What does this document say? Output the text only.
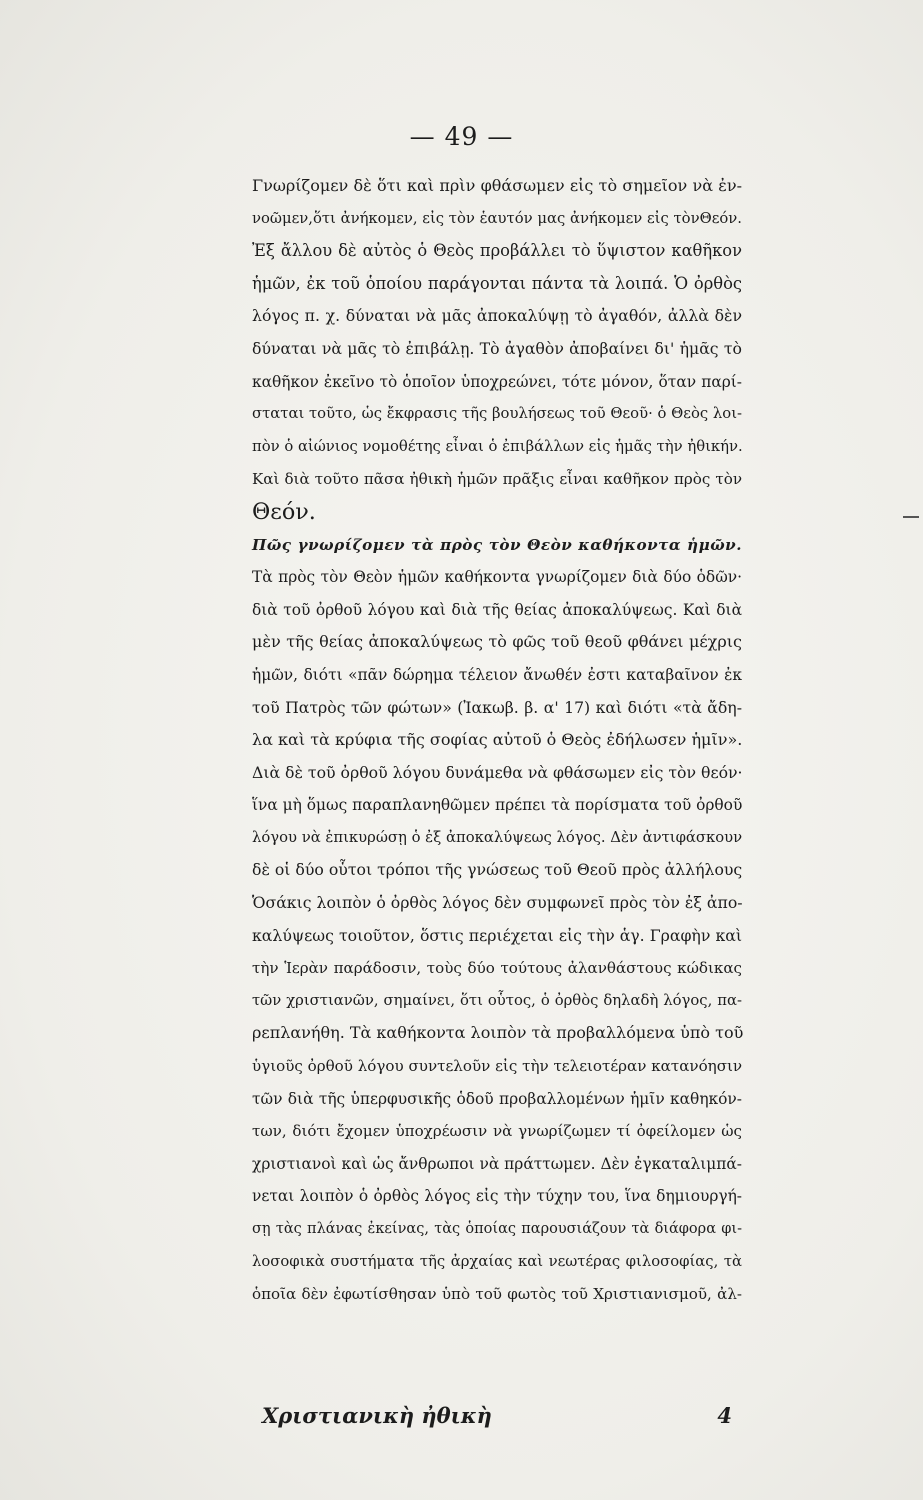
— 49 —
Γνωρίζομεν δὲ ὅτι καὶ πρὶν φθάσωμεν εἰς τὸ σημεῖον νὰ ἐν-
νοῶμεν,ὅτι ἀνήκομεν, εἰς τὸν ἑαυτόν μας ἀνήκομεν εἰς τὸνΘεόν.
Ἐξ ἄλλου δὲ αὐτὸς ὁ Θεὸς προβάλλει τὸ ὕψιστον καθῆκον
ἡμῶν, ἐκ τοῦ ὁποίου παράγονται πάντα τὰ λοιπά. Ὁ ὀρθὸς
λόγος π. χ. δύναται νὰ μᾶς ἀποκαλύψῃ τὸ ἀγαθόν, ἀλλὰ δὲν
δύναται νὰ μᾶς τὸ ἐπιβάλῃ. Τὸ ἀγαθὸν ἀποβαίνει δι' ἡμᾶς τὸ
καθῆκον ἐκεῖνο τὸ ὁποῖον ὑποχρεώνει, τότε μόνον, ὅταν παρί-
σταται τοῦτο, ὡς ἔκφρασις τῆς βουλήσεως τοῦ Θεοῦ· ὁ Θεὸς λοι-
πὸν ὁ αἰώνιος νομοθέτης εἶναι ὁ ἐπιβάλλων εἰς ἡμᾶς τὴν ἠθικήν.
Καὶ διὰ τοῦτο πᾶσα ἠθικὴ ἡμῶν πρᾶξις εἶναι καθῆκον πρὸς τὸν
Θεόν.
Πῶς γνωρίζομεν τὰ πρὸς τὸν Θεὸν καθήκοντα ἡμῶν.
Τὰ πρὸς τὸν Θεὸν ἡμῶν καθήκοντα γνωρίζομεν διὰ δύο ὁδῶν·
διὰ τοῦ ὀρθοῦ λόγου καὶ διὰ τῆς θείας ἀποκαλύψεως. Καὶ διὰ
μὲν τῆς θείας ἀποκαλύψεως τὸ φῶς τοῦ θεοῦ φθάνει μέχρις
ἡμῶν, διότι «πᾶν δώρημα τέλειον ἄνωθέν ἐστι καταβαῖνον ἐκ
τοῦ Πατρὸς τῶν φώτων» (Ἰακωβ. β. α' 17) καὶ διότι «τὰ ἄδη-
λα καὶ τὰ κρύφια τῆς σοφίας αὐτοῦ ὁ Θεὸς ἐδήλωσεν ἡμῖν».
Διὰ δὲ τοῦ ὀρθοῦ λόγου δυνάμεθα νὰ φθάσωμεν εἰς τὸν θεόν·
ἵνα μὴ ὅμως παραπλανηθῶμεν πρέπει τὰ πορίσματα τοῦ ὀρθοῦ
λόγου νὰ ἐπικυρώσῃ ὁ ἐξ ἀποκαλύψεως λόγος. Δὲν ἀντιφάσκουν
δὲ οἱ δύο οὗτοι τρόποι τῆς γνώσεως τοῦ Θεοῦ πρὸς ἀλλήλους
Ὁσάκις λοιπὸν ὁ ὀρθὸς λόγος δὲν συμφωνεῖ πρὸς τὸν ἐξ ἀπο-
καλύψεως τοιοῦτον, ὅστις περιέχεται εἰς τὴν ἁγ. Γραφὴν καὶ
τὴν Ἱερὰν παράδοσιν, τοὺς δύο τούτους ἀλανθάστους κώδικας
τῶν χριστιανῶν, σημαίνει, ὅτι οὗτος, ὁ ὀρθὸς δηλαδὴ λόγος, πα-
ρεπλανήθη. Τὰ καθήκοντα λοιπὸν τὰ προβαλλόμενα ὑπὸ τοῦ
ὑγιοῦς ὀρθοῦ λόγου συντελοῦν εἰς τὴν τελειοτέραν κατανόησιν
τῶν διὰ τῆς ὑπερφυσικῆς ὁδοῦ προβαλλομένων ἡμῖν καθηκόν-
των, διότι ἔχομεν ὑποχρέωσιν νὰ γνωρίζωμεν τί ὀφείλομεν ὡς
χριστιανοὶ καὶ ὡς ἄνθρωποι νὰ πράττωμεν. Δὲν ἐγκαταλιμπά-
νεται λοιπὸν ὁ ὀρθὸς λόγος εἰς τὴν τύχην του, ἵνα δημιουργή-
σῃ τὰς πλάνας ἐκείνας, τὰς ὁποίας παρουσιάζουν τὰ διάφορα φι-
λοσοφικὰ συστήματα τῆς ἀρχαίας καὶ νεωτέρας φιλοσοφίας, τὰ
ὁποῖα δὲν ἐφωτίσθησαν ὑπὸ τοῦ φωτὸς τοῦ Χριστιανισμοῦ, ἀλ-
Χριστιανικὴ ἠθικὴ	4
